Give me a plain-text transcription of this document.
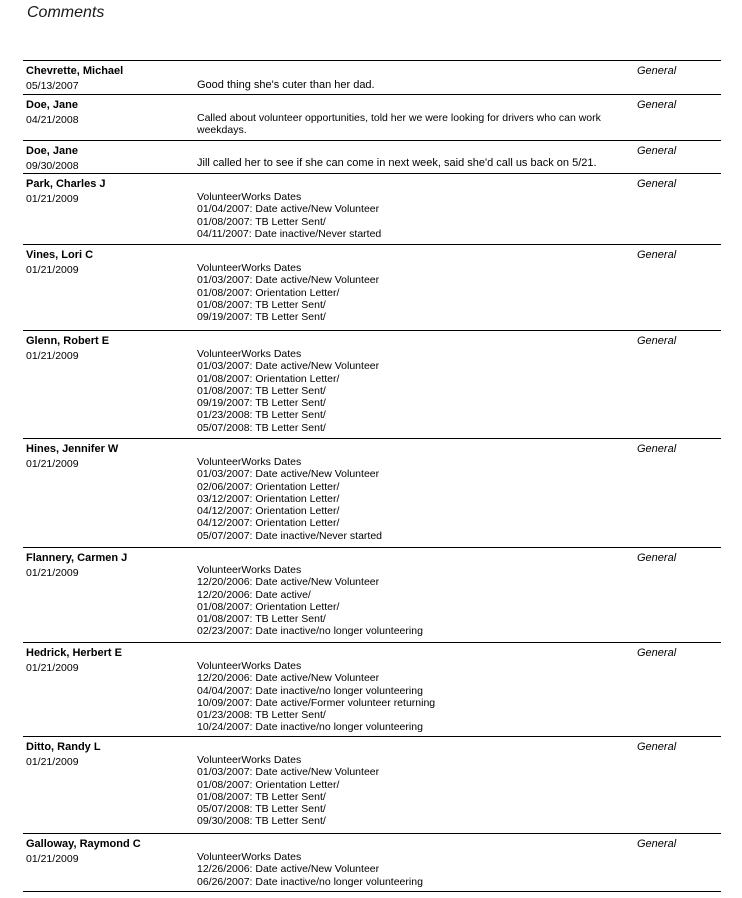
Comments
Chevrette, Michael
05/13/2007
General
Good thing she's cuter than her dad.
Doe, Jane
04/21/2008
General
Called about volunteer opportunities, told her we were looking for drivers who can work weekdays.
Doe, Jane
09/30/2008
General
Jill called her to see if she can come in next week, said she'd call us back on 5/21.
Park, Charles J
01/21/2009
General
VolunteerWorks Dates
01/04/2007: Date active/New Volunteer
01/08/2007: TB Letter Sent/
04/11/2007: Date inactive/Never started
Vines, Lori C
01/21/2009
General
VolunteerWorks Dates
01/03/2007: Date active/New Volunteer
01/08/2007: Orientation Letter/
01/08/2007: TB Letter Sent/
09/19/2007: TB Letter Sent/
Glenn, Robert E
01/21/2009
General
VolunteerWorks Dates
01/03/2007: Date active/New Volunteer
01/08/2007: Orientation Letter/
01/08/2007: TB Letter Sent/
09/19/2007: TB Letter Sent/
01/23/2008: TB Letter Sent/
05/07/2008: TB Letter Sent/
Hines, Jennifer W
01/21/2009
General
VolunteerWorks Dates
01/03/2007: Date active/New Volunteer
02/06/2007: Orientation Letter/
03/12/2007: Orientation Letter/
04/12/2007: Orientation Letter/
04/12/2007: Orientation Letter/
05/07/2007: Date inactive/Never started
Flannery, Carmen J
01/21/2009
General
VolunteerWorks Dates
12/20/2006: Date active/New Volunteer
12/20/2006: Date active/
01/08/2007: Orientation Letter/
01/08/2007: TB Letter Sent/
02/23/2007: Date inactive/no longer volunteering
Hedrick, Herbert E
01/21/2009
General
VolunteerWorks Dates
12/20/2006: Date active/New Volunteer
04/04/2007: Date inactive/no longer volunteering
10/09/2007: Date active/Former volunteer returning
01/23/2008: TB Letter Sent/
10/24/2007: Date inactive/no longer volunteering
Ditto, Randy L
01/21/2009
General
VolunteerWorks Dates
01/03/2007: Date active/New Volunteer
01/08/2007: Orientation Letter/
01/08/2007: TB Letter Sent/
05/07/2008: TB Letter Sent/
09/30/2008: TB Letter Sent/
Galloway, Raymond C
01/21/2009
General
VolunteerWorks Dates
12/26/2006: Date active/New Volunteer
06/26/2007: Date inactive/no longer volunteering
